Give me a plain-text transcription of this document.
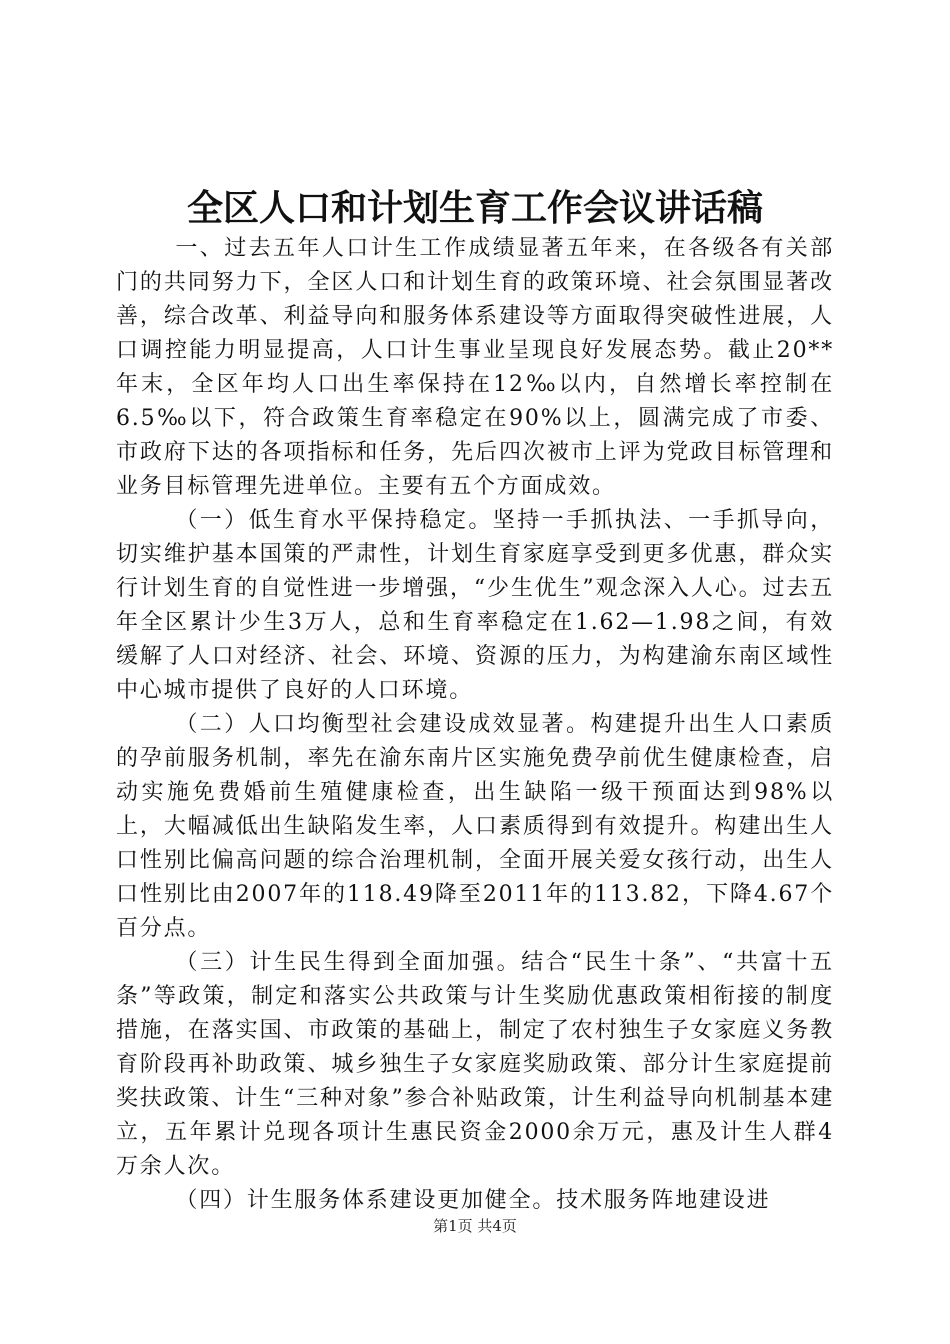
全区人口和计划生育工作会议讲话稿

一、过去五年人口计生工作成绩显著五年来，在各级各有关部门的共同努力下，全区人口和计划生育的政策环境、社会氛围显著改善，综合改革、利益导向和服务体系建设等方面取得突破性进展，人口调控能力明显提高，人口计生事业呈现良好发展态势。截止20**年末，全区年均人口出生率保持在12‰以内，自然增长率控制在6.5‰以下，符合政策生育率稳定在90%以上，圆满完成了市委、市政府下达的各项指标和任务，先后四次被市上评为党政目标管理和业务目标管理先进单位。主要有五个方面成效。

（一）低生育水平保持稳定。坚持一手抓执法、一手抓导向，切实维护基本国策的严肃性，计划生育家庭享受到更多优惠，群众实行计划生育的自觉性进一步增强，“少生优生”观念深入人心。过去五年全区累计少生3万人，总和生育率稳定在1.62—1.98之间，有效缓解了人口对经济、社会、环境、资源的压力，为构建渝东南区域性中心城市提供了良好的人口环境。

（二）人口均衡型社会建设成效显著。构建提升出生人口素质的孕前服务机制，率先在渝东南片区实施免费孕前优生健康检查，启动实施免费婚前生殖健康检查，出生缺陷一级干预面达到98%以上，大幅减低出生缺陷发生率，人口素质得到有效提升。构建出生人口性别比偏高问题的综合治理机制，全面开展关爱女孩行动，出生人口性别比由2007年的118.49降至2011年的113.82，下降4.67个百分点。

（三）计生民生得到全面加强。结合“民生十条”、“共富十五条”等政策，制定和落实公共政策与计生奖励优惠政策相衔接的制度措施，在落实国、市政策的基础上，制定了农村独生子女家庭义务教育阶段再补助政策、城乡独生子女家庭奖励政策、部分计生家庭提前奖扶政策、计生“三种对象”参合补贴政策，计生利益导向机制基本建立，五年累计兑现各项计生惠民资金2000余万元，惠及计生人群4万余人次。

（四）计生服务体系建设更加健全。技术服务阵地建设进

第1页 共4页
